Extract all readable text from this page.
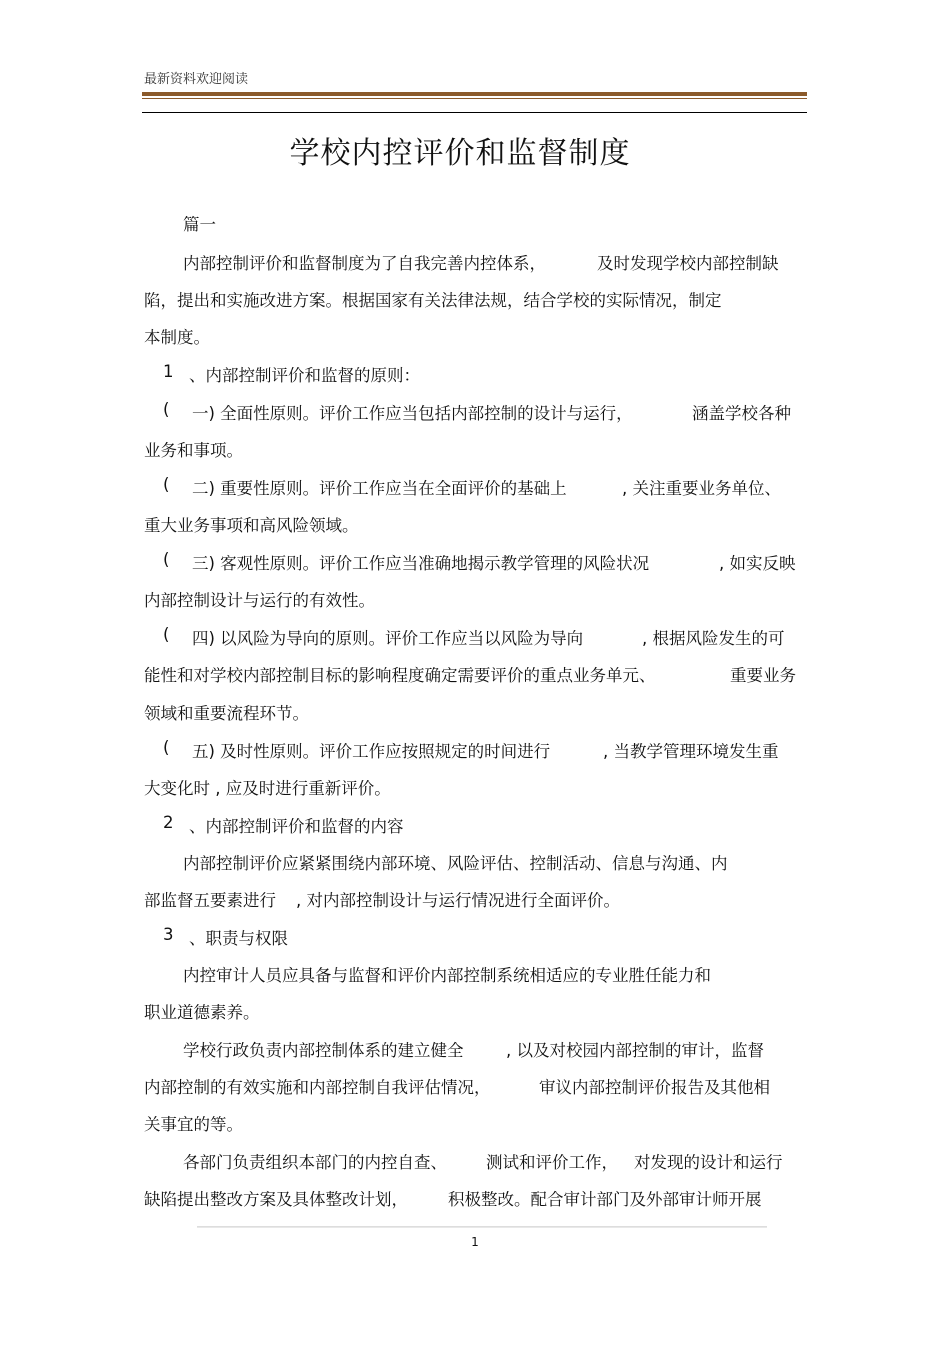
最新资料欢迎阅读
学校内控评价和监督制度
篇一
内部控制评价和监督制度为了自我完善内控体系，	及时发现学校内部控制缺
陷，提出和实施改进方案。根据国家有关法律法规，结合学校的实际情况，制定
本制度。
1 、内部控制评价和监督的原则：
( 一) 全面性原则。评价工作应当包括内部控制的设计与运行，	涵盖学校各种
业务和事项。
( 二) 重要性原则。评价工作应当在全面评价的基础上	, 关注重要业务单位、
重大业务事项和高风险领域。
( 三) 客观性原则。评价工作应当准确地揭示教学管理的风险状况	, 如实反映
内部控制设计与运行的有效性。
( 四) 以风险为导向的原则。评价工作应当以风险为导向	, 根据风险发生的可
能性和对学校内部控制目标的影响程度确定需要评价的重点业务单元、	重要业务
领域和重要流程环节。
( 五) 及时性原则。评价工作应按照规定的时间进行	, 当教学管理环境发生重
大变化时 , 应及时进行重新评价。
2 、内部控制评价和监督的内容
内部控制评价应紧紧围绕内部环境、风险评估、控制活动、信息与沟通、内
部监督五要素进行 , 对内部控制设计与运行情况进行全面评价。
3 、职责与权限
内控审计人员应具备与监督和评价内部控制系统相适应的专业胜任能力和
职业道德素养。
学校行政负责内部控制体系的建立健全	, 以及对校园内部控制的审计，监督
内部控制的有效实施和内部控制自我评估情况，	审议内部控制评价报告及其他相
关事宜的等。
各部门负责组织本部门的内控自查、 测试和评价工作， 对发现的设计和运行
缺陷提出整改方案及具体整改计划， 积极整改。配合审计部门及外部审计师开展
1
